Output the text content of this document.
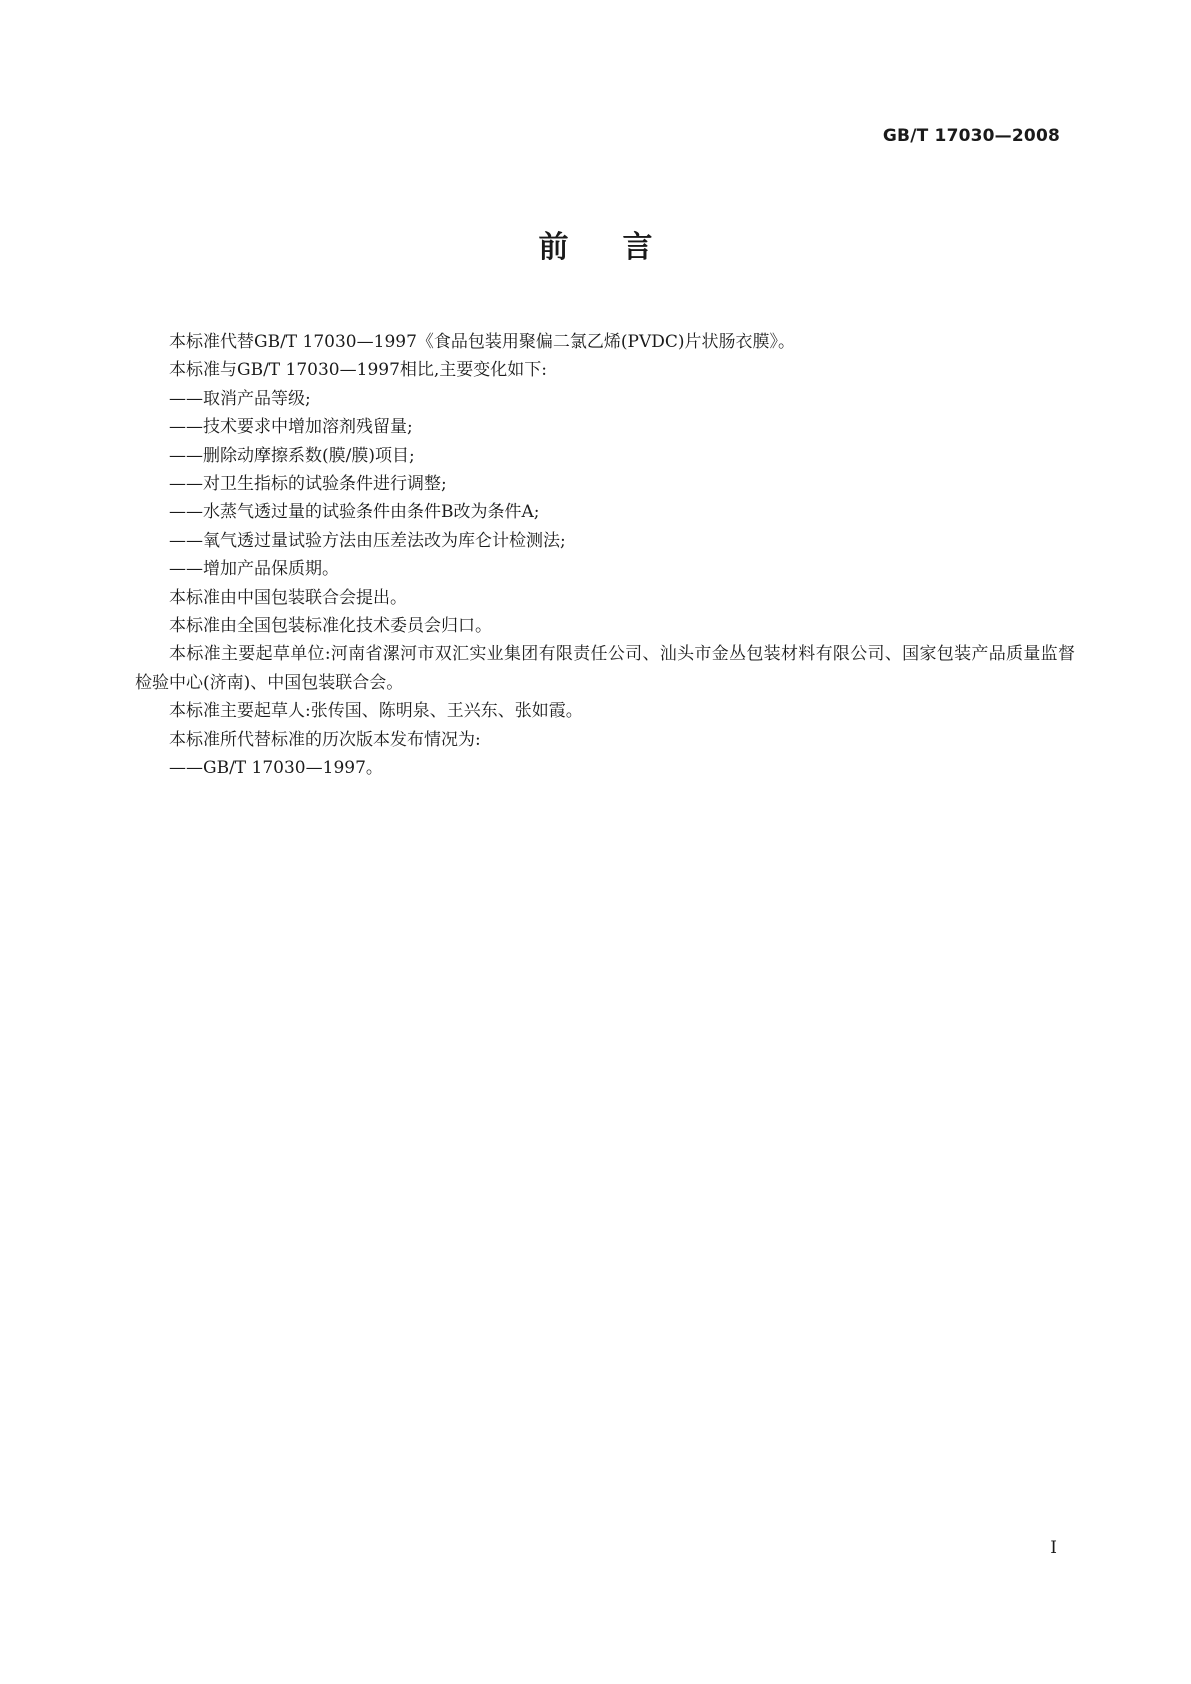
GB/T 17030—2008
前言

本标准代替GB/T 17030—1997《食品包装用聚偏二氯乙烯(PVDC)片状肠衣膜》。

本标准与GB/T 17030—1997相比,主要变化如下:

——取消产品等级;

——技术要求中增加溶剂残留量;

——删除动摩擦系数(膜/膜)项目;

——对卫生指标的试验条件进行调整;

——水蒸气透过量的试验条件由条件B改为条件A;

——氧气透过量试验方法由压差法改为库仑计检测法;

——增加产品保质期。

本标准由中国包装联合会提出。

本标准由全国包装标准化技术委员会归口。

本标准主要起草单位:河南省漯河市双汇实业集团有限责任公司、汕头市金丛包装材料有限公司、国家包装产品质量监督检验中心(济南)、中国包装联合会。

本标准主要起草人:张传国、陈明泉、王兴东、张如霞。

本标准所代替标准的历次版本发布情况为:

——GB/T 17030—1997。

I
